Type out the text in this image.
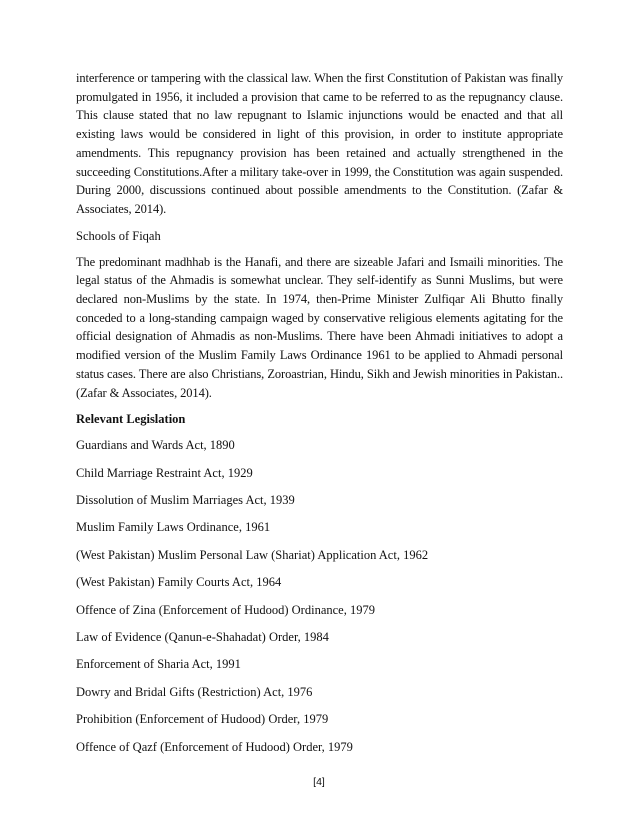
interference or tampering with the classical law. When the first Constitution of Pakistan was finally promulgated in 1956, it included a provision that came to be referred to as the repugnancy clause. This clause stated that no law repugnant to Islamic injunctions would be enacted and that all existing laws would be considered in light of this provision, in order to institute appropriate amendments. This repugnancy provision has been retained and actually strengthened in the succeeding Constitutions.After a military take-over in 1999, the Constitution was again suspended. During 2000, discussions continued about possible amendments to the Constitution. (Zafar & Associates, 2014).

Schools of Fiqah

The predominant madhhab is the Hanafi, and there are sizeable Jafari and Ismaili minorities. The legal status of the Ahmadis is somewhat unclear. They self-identify as Sunni Muslims, but were declared non-Muslims by the state. In 1974, then-Prime Minister Zulfiqar Ali Bhutto finally conceded to a long-standing campaign waged by conservative religious elements agitating for the official designation of Ahmadis as non-Muslims. There have been Ahmadi initiatives to adopt a modified version of the Muslim Family Laws Ordinance 1961 to be applied to Ahmadi personal status cases. There are also Christians, Zoroastrian, Hindu, Sikh and Jewish minorities in Pakistan.. (Zafar & Associates, 2014).

Relevant Legislation

Guardians and Wards Act, 1890
Child Marriage Restraint Act, 1929
Dissolution of Muslim Marriages Act, 1939
Muslim Family Laws Ordinance, 1961
(West Pakistan) Muslim Personal Law (Shariat) Application Act, 1962
(West Pakistan) Family Courts Act, 1964
Offence of Zina (Enforcement of Hudood) Ordinance, 1979
Law of Evidence (Qanun-e-Shahadat) Order, 1984
Enforcement of Sharia Act, 1991
Dowry and Bridal Gifts (Restriction) Act, 1976
Prohibition (Enforcement of Hudood) Order, 1979
Offence of Qazf (Enforcement of Hudood) Order, 1979
[4]
